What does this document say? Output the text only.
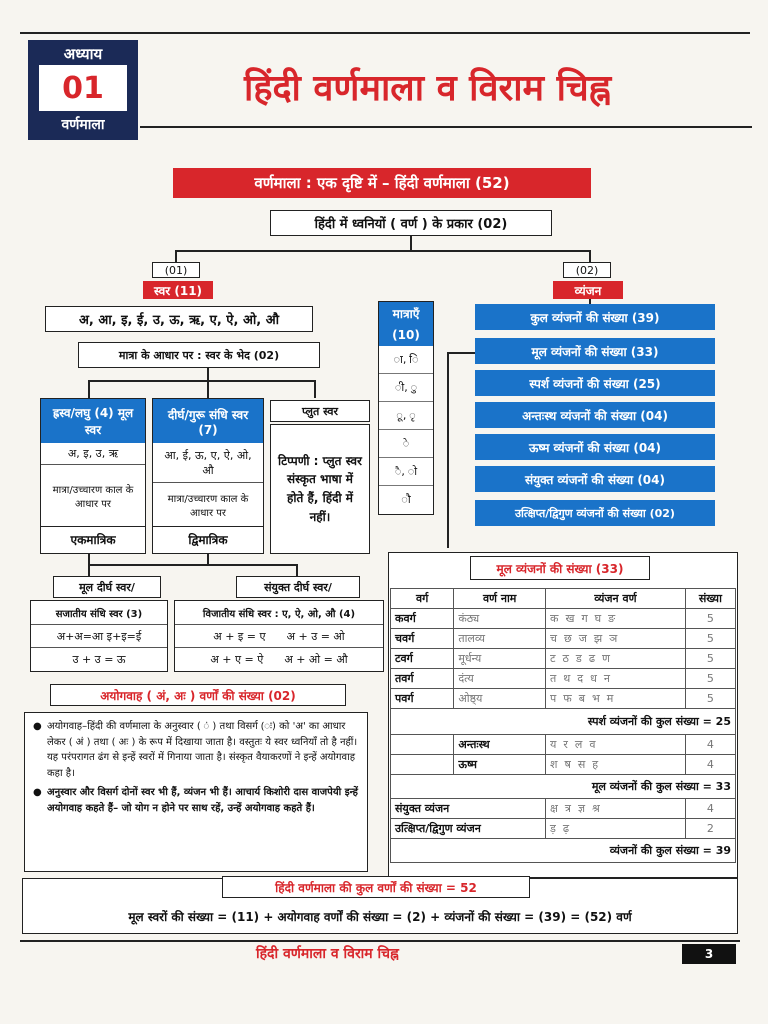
अध्याय
01
वर्णमाला
हिंदी वर्णमाला व विराम चिह्न
वर्णमाला : एक दृष्टि में – हिंदी वर्णमाला (52)
हिंदी में ध्वनियों ( वर्ण ) के प्रकार (02)
(01)
स्वर (11)
अ, आ, इ, ई, उ, ऊ, ऋ, ए, ऐ, ओ, औ
मात्रा के आधार पर : स्वर के भेद (02)
ह्रस्व/लघु (4) मूल स्वर
अ, इ, उ, ऋ
मात्रा/उच्चारण काल के आधार पर
एकमात्रिक
दीर्घ/गुरू संधि स्वर (7)
आ, ई, ऊ, ए, ऐ, ओ, औ
मात्रा/उच्चारण काल के आधार पर
द्विमात्रिक
प्लुत स्वर
टिप्पणी : प्लुत स्वर संस्कृत भाषा में होते हैं, हिंदी में नहीं।
मूल दीर्घ स्वर/
सजातीय संधि स्वर (3)
अ+अ=आ इ+इ=ई
उ + उ = ऊ
संयुक्त दीर्घ स्वर/
विजातीय संधि स्वर : ए, ऐ, ओ, औ (4)
अ + इ = ए      अ + उ = ओ
अ + ए = ऐ      अ + ओ = औ
मात्राएँ
(10)
ा, ि
ी, ु
ू, ृ
े
ै, ो
ौ
(02)
व्यंजन
कुल व्यंजनों की संख्या (39)
मूल व्यंजनों की संख्या (33)
स्पर्श व्यंजनों की संख्या (25)
अन्तःस्थ व्यंजनों की संख्या (04)
ऊष्म व्यंजनों की संख्या (04)
संयुक्त व्यंजनों की संख्या (04)
उत्क्षिप्त/द्विगुण व्यंजनों की संख्या (02)
अयोगवाह ( अं, अः ) वर्णों की संख्या (02)
● अयोगवाह–हिंदी की वर्णमाला के अनुस्वार ( ं ) तथा विसर्ग (ः) को 'अ' का आधार लेकर ( अं ) तथा ( अः ) के रूप में दिखाया जाता है। वस्तुतः ये स्वर ध्वनियाँ तो है नहीं। यह परंपरागत ढंग से इन्हें स्वरों में गिनाया जाता है। संस्कृत वैयाकरणों ने इन्हें अयोगवाह कहा है।
● अनुस्वार और विसर्ग दोनों स्वर भी हैं, व्यंजन भी हैं। आचार्य किशोरी दास वाजपेयी इन्हें अयोगवाह कहते हैं– जो योग न होने पर साथ रहें, उन्हें अयोगवाह कहते हैं।
मूल व्यंजनों की संख्या (33)
वर्ग	वर्ण नाम	व्यंजन वर्ण	संख्या
कवर्ग	कंठ्य	क  ख  ग  घ  ङ	5
चवर्ग	तालव्य	च  छ  ज  झ  ञ	5
टवर्ग	मूर्धन्य	ट  ठ  ड  ढ  ण	5
तवर्ग	दंत्य	त  थ  द  ध  न	5
पवर्ग	ओष्ठ्य	प  फ  ब  भ  म	5
स्पर्श व्यंजनों की कुल संख्या = 25			
	अन्तःस्थ	य  र  ल  व	4
	ऊष्म	श  ष  स  ह	4
मूल व्यंजनों की कुल संख्या = 33			
संयुक्त व्यंजन		क्ष  त्र  ज्ञ  श्र	4
उत्क्षिप्त/द्विगुण व्यंजन		ड़  ढ़	2
व्यंजनों की कुल संख्या = 39			
हिंदी वर्णमाला की कुल वर्णों की संख्या = 52
मूल स्वरों की संख्या = (11) + अयोगवाह वर्णों की संख्या = (2) + व्यंजनों की संख्या = (39) = (52) वर्ण
हिंदी वर्णमाला व विराम चिह्न	3
